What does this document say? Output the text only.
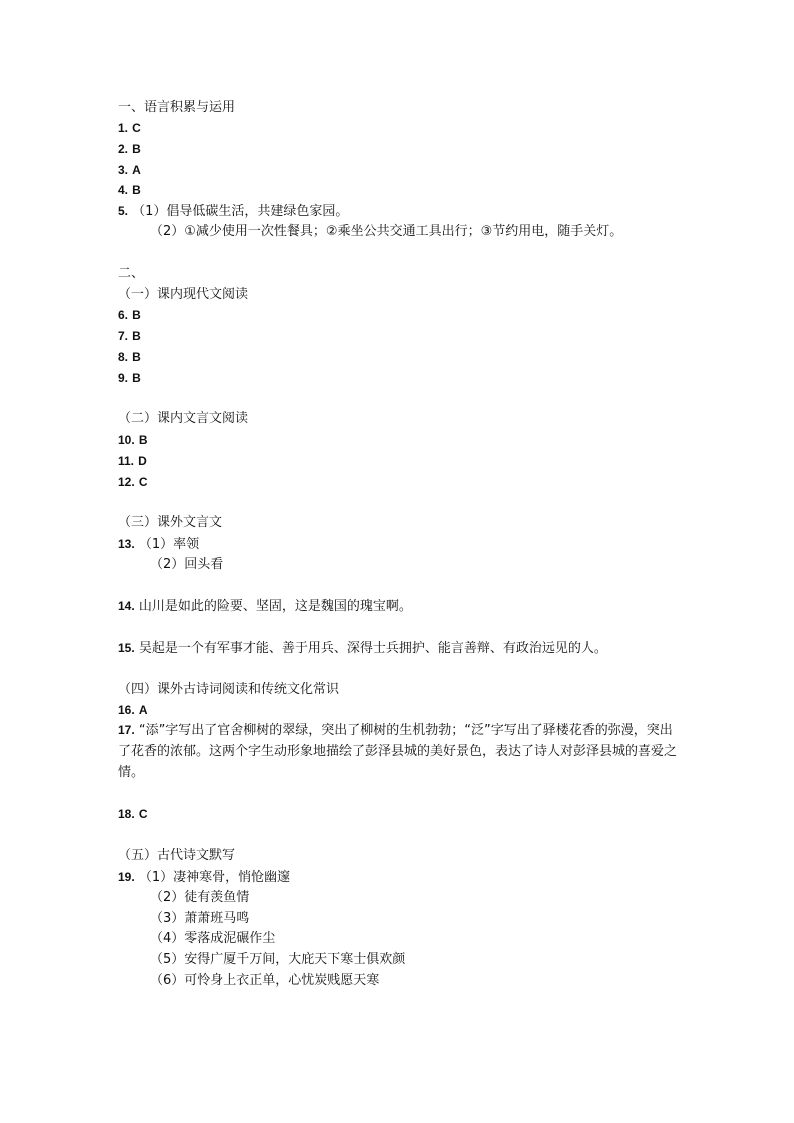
一、语言积累与运用
1. C
2. B
3. A
4. B
5. （1）倡导低碳生活，共建绿色家园。
（2）①减少使用一次性餐具；②乘坐公共交通工具出行；③节约用电，随手关灯。
二、
（一）课内现代文阅读
6. B
7. B
8. B
9. B
（二）课内文言文阅读
10. B
11. D
12. C
（三）课外文言文
13. （1）率领
（2）回头看
14. 山川是如此的险要、坚固，这是魏国的瑰宝啊。
15. 吴起是一个有军事才能、善于用兵、深得士兵拥护、能言善辩、有政治远见的人。
（四）课外古诗词阅读和传统文化常识
16. A
17. “添”字写出了官舍柳树的翠绿，突出了柳树的生机勃勃；“泛”字写出了驿楼花香的弥漫，突出了花香的浓郁。这两个字生动形象地描绘了彭泽县城的美好景色，表达了诗人对彭泽县城的喜爱之情。
18. C
（五）古代诗文默写
19. （1）凄神寒骨，悄怆幽邃
（2）徒有羡鱼情
（3）萧萧班马鸣
（4）零落成泥碾作尘
（5）安得广厦千万间，大庇天下寒士俱欢颜
（6）可怜身上衣正单，心忧炭贱愿天寒
